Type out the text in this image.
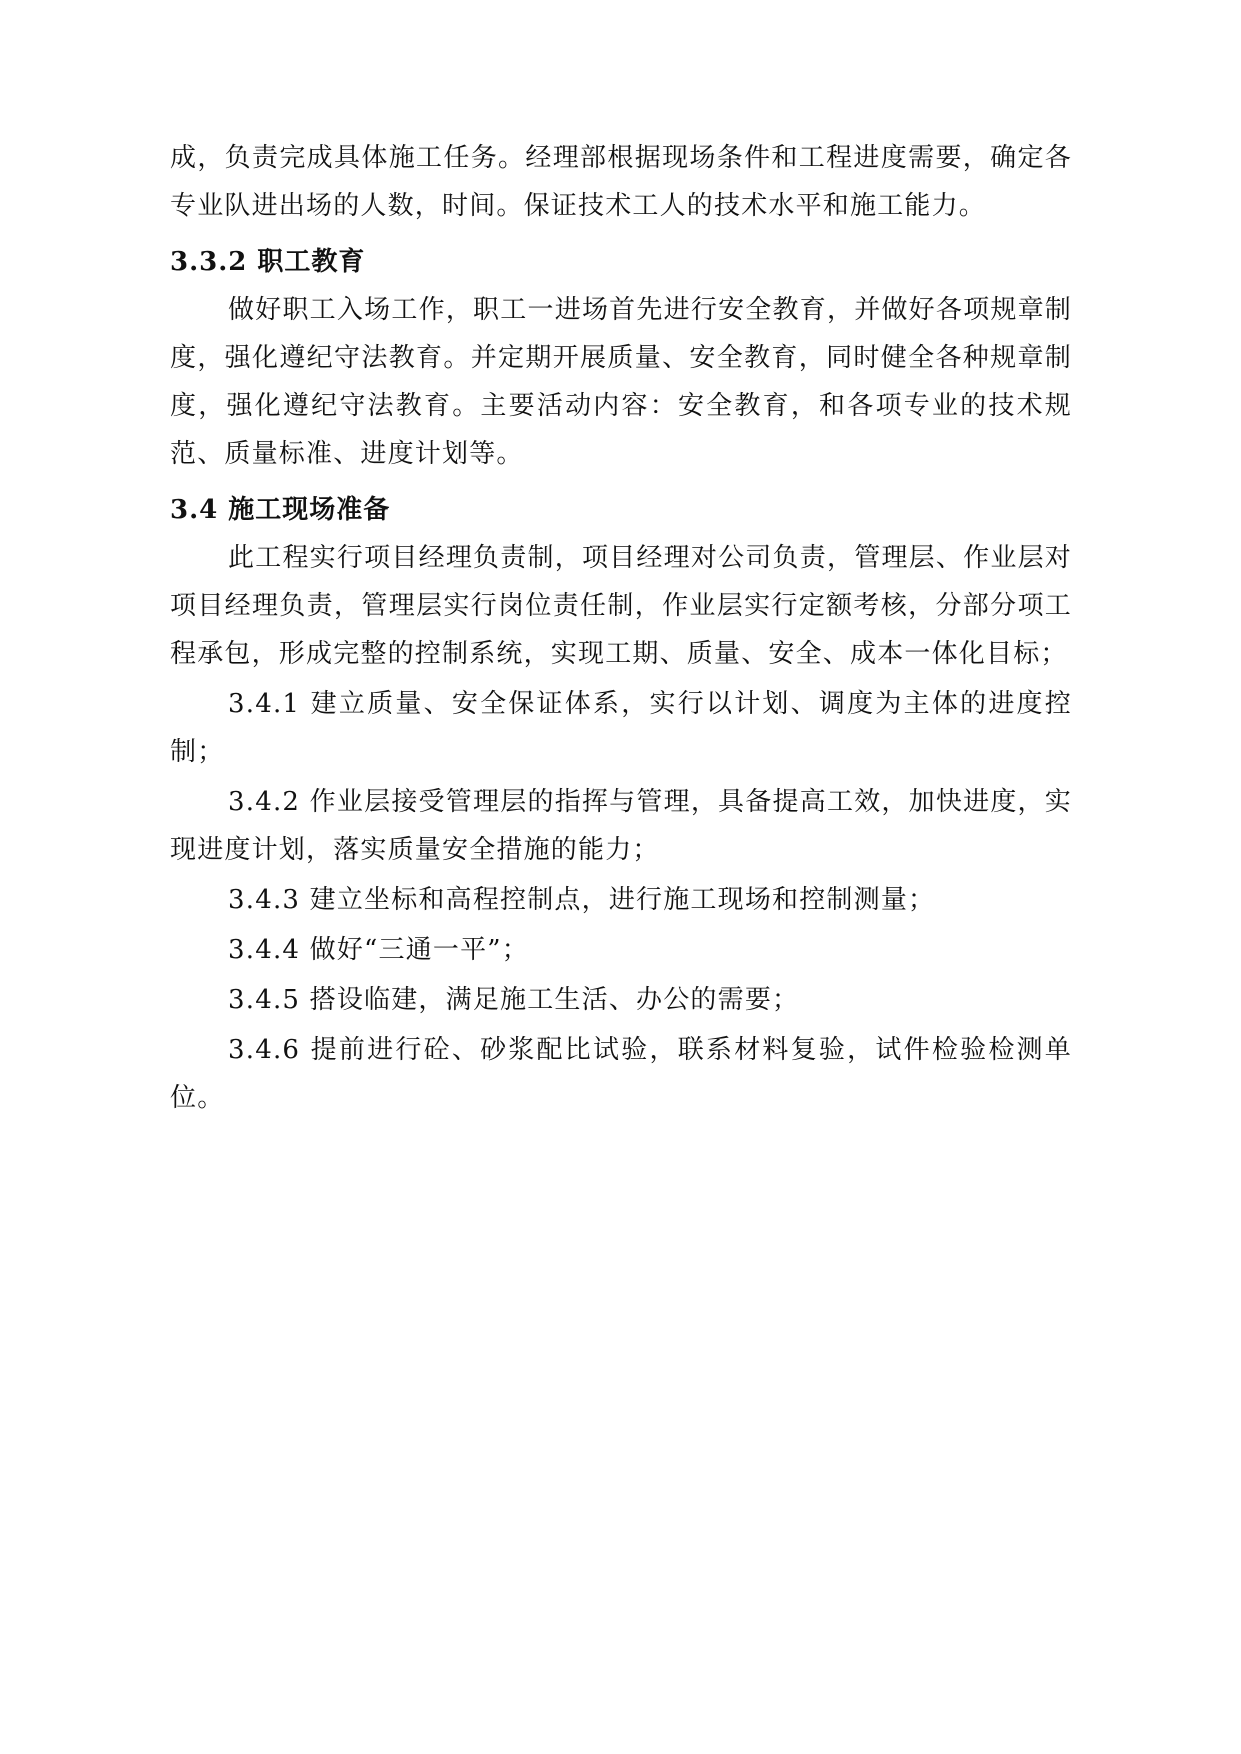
成，负责完成具体施工任务。经理部根据现场条件和工程进度需要，确定各专业队进出场的人数，时间。保证技术工人的技术水平和施工能力。

3.3.2 职工教育

做好职工入场工作，职工一进场首先进行安全教育，并做好各项规章制度，强化遵纪守法教育。并定期开展质量、安全教育，同时健全各种规章制度，强化遵纪守法教育。主要活动内容：安全教育，和各项专业的技术规范、质量标准、进度计划等。

3.4 施工现场准备

此工程实行项目经理负责制，项目经理对公司负责，管理层、作业层对项目经理负责，管理层实行岗位责任制，作业层实行定额考核，分部分项工程承包，形成完整的控制系统，实现工期、质量、安全、成本一体化目标；

3.4.1 建立质量、安全保证体系，实行以计划、调度为主体的进度控制；

3.4.2 作业层接受管理层的指挥与管理，具备提高工效，加快进度，实现进度计划，落实质量安全措施的能力；

3.4.3 建立坐标和高程控制点，进行施工现场和控制测量；

3.4.4 做好“三通一平”；

3.4.5 搭设临建，满足施工生活、办公的需要；

3.4.6 提前进行砼、砂浆配比试验，联系材料复验，试件检验检测单位。
